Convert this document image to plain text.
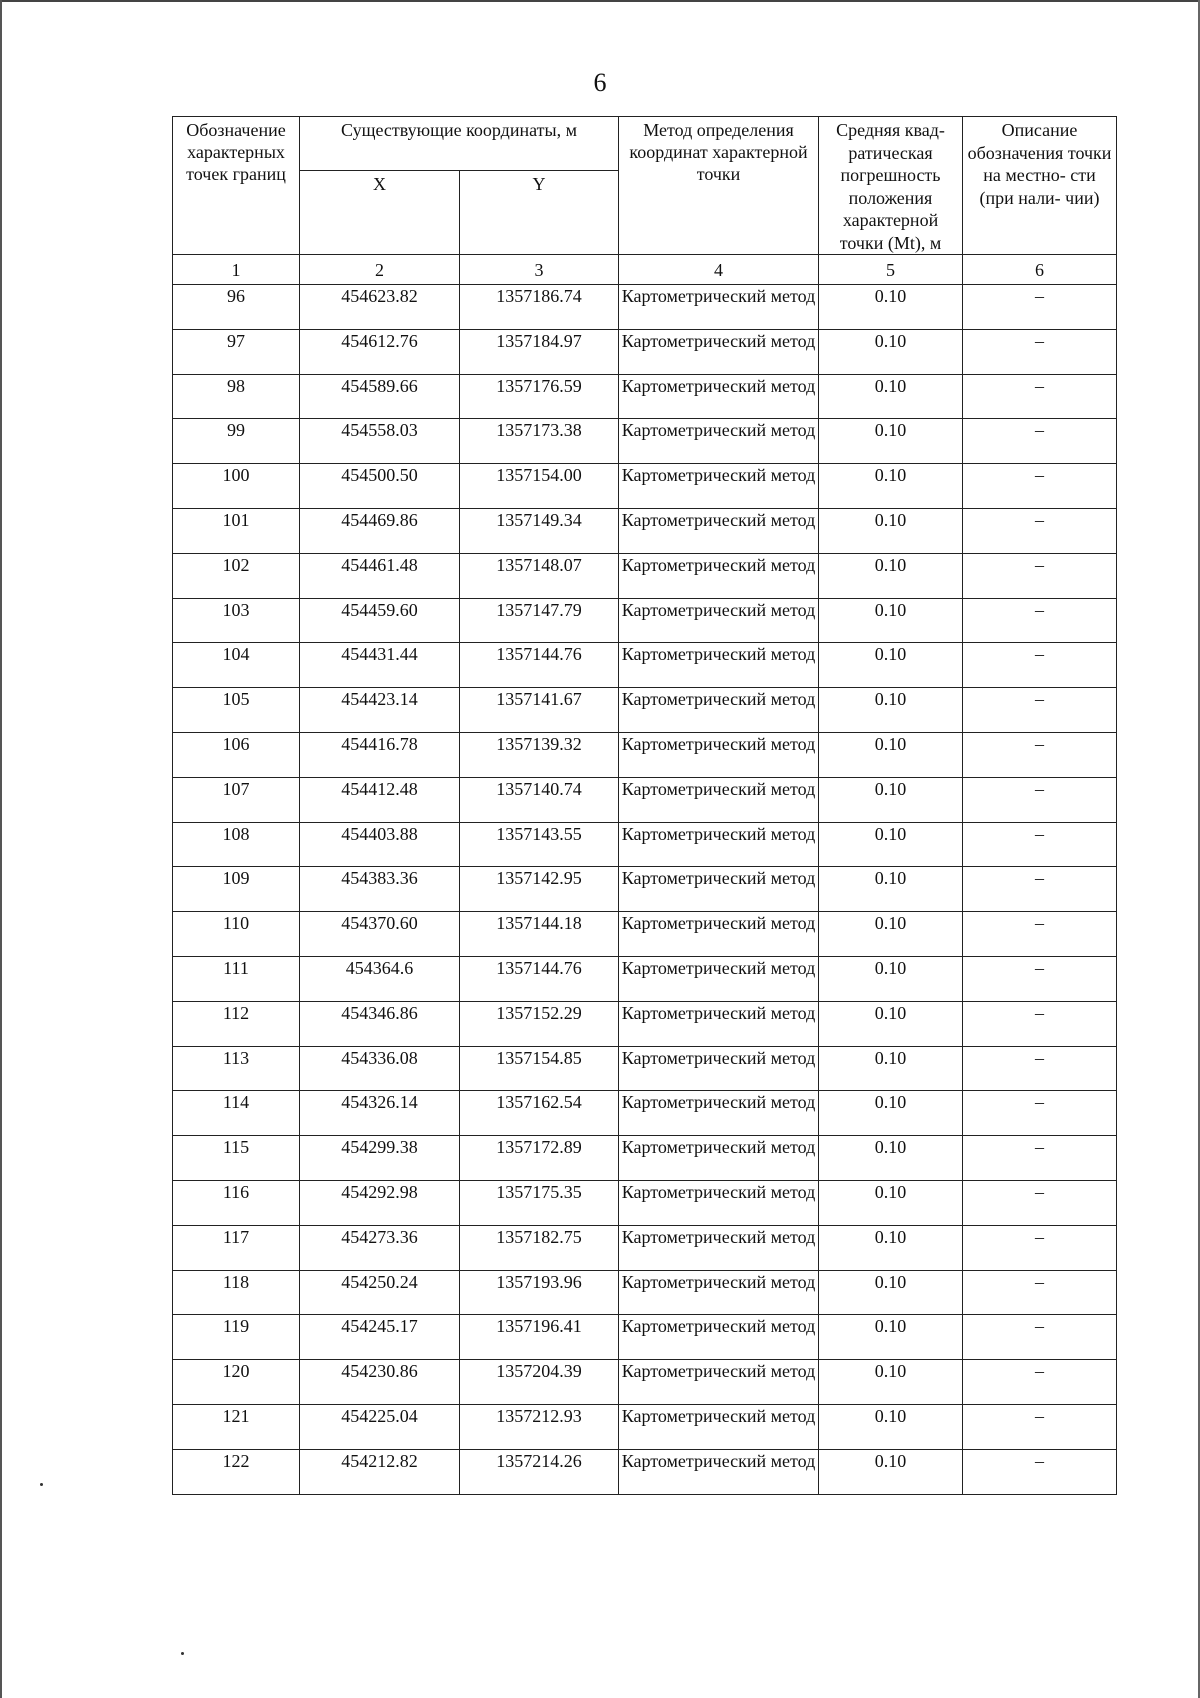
6
Обозначение характерных точек границ	Существующие координаты, м		Метод определения координат характерной точки	Средняя квад- ратическая погрешность положения характерной точки (Mt), м	Описание обозначения точки на местно- сти (при нали- чии)
	X	Y			
1	2	3	4	5	6
96	454623.82	1357186.74	Картометрический метод	0.10	–
97	454612.76	1357184.97	Картометрический метод	0.10	–
98	454589.66	1357176.59	Картометрический метод	0.10	–
99	454558.03	1357173.38	Картометрический метод	0.10	–
100	454500.50	1357154.00	Картометрический метод	0.10	–
101	454469.86	1357149.34	Картометрический метод	0.10	–
102	454461.48	1357148.07	Картометрический метод	0.10	–
103	454459.60	1357147.79	Картометрический метод	0.10	–
104	454431.44	1357144.76	Картометрический метод	0.10	–
105	454423.14	1357141.67	Картометрический метод	0.10	–
106	454416.78	1357139.32	Картометрический метод	0.10	–
107	454412.48	1357140.74	Картометрический метод	0.10	–
108	454403.88	1357143.55	Картометрический метод	0.10	–
109	454383.36	1357142.95	Картометрический метод	0.10	–
110	454370.60	1357144.18	Картометрический метод	0.10	–
111	454364.6	1357144.76	Картометрический метод	0.10	–
112	454346.86	1357152.29	Картометрический метод	0.10	–
113	454336.08	1357154.85	Картометрический метод	0.10	–
114	454326.14	1357162.54	Картометрический метод	0.10	–
115	454299.38	1357172.89	Картометрический метод	0.10	–
116	454292.98	1357175.35	Картометрический метод	0.10	–
117	454273.36	1357182.75	Картометрический метод	0.10	–
118	454250.24	1357193.96	Картометрический метод	0.10	–
119	454245.17	1357196.41	Картометрический метод	0.10	–
120	454230.86	1357204.39	Картометрический метод	0.10	–
121	454225.04	1357212.93	Картометрический метод	0.10	–
122	454212.82	1357214.26	Картометрический метод	0.10	–
